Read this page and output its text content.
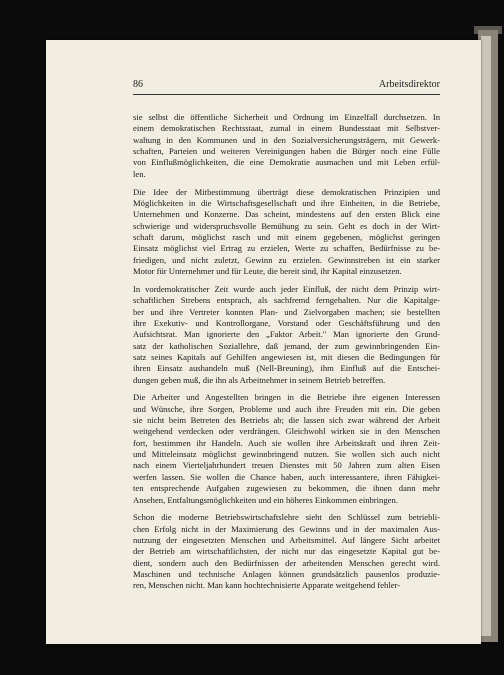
86	Arbeitsdirektor
sie selbst die öffentliche Sicherheit und Ordnung im Einzelfall durchsetzen. In
einem demokratischen Rechtsstaat, zumal in einem Bundesstaat mit Selbstver-
waltung in den Kommunen und in den Sozialversicherungsträgern, mit Gewerk-
schaften, Parteien und weiteren Vereinigungen haben die Bürger noch eine Fülle
von Einflußmöglichkeiten, die eine Demokratie ausmachen und mit Leben erfül-
len.
Die Idee der Mitbestimmung überträgt diese demokratischen Prinzipien und
Möglichkeiten in die Wirtschaftsgesellschaft und ihre Einheiten, in die Betriebe,
Unternehmen und Konzerne. Das scheint, mindestens auf den ersten Blick eine
schwierige und widerspruchsvolle Bemühung zu sein. Geht es doch in der Wirt-
schaft darum, möglichst rasch und mit einem gegebenen, möglichst geringen
Einsatz möglichst viel Ertrag zu erzielen, Werte zu schaffen, Bedürfnisse zu be-
friedigen, und nicht zuletzt, Gewinn zu erzielen. Gewinnstreben ist ein starker
Motor für Unternehmer und für Leute, die bereit sind, ihr Kapital einzusetzen.
In vordemokratischer Zeit wurde auch jeder Einfluß, der nicht dem Prinzip wirt-
schaftlichen Strebens entsprach, als sachfremd ferngehalten. Nur die Kapitalge-
ber und ihre Vertreter konnten Plan- und Zielvorgaben machen; sie bestellten
ihre Exekutiv- und Kontrollorgane, Vorstand oder Geschäftsführung und den
Aufsichtsrat. Man ignorierte den „Faktor Arbeit." Man ignorierte den Grund-
satz der katholischen Soziallehre, daß jemand, der zum gewinnbringenden Ein-
satz seines Kapitals auf Gehilfen angewiesen ist, mit diesen die Bedingungen für
ihren Einsatz aushandeln muß (Nell-Breuning), ihm Einfluß auf die Entschei-
dungen geben muß, die ihn als Arbeitnehmer in seinem Betrieb betreffen.
Die Arbeiter und Angestellten bringen in die Betriebe ihre eigenen Interessen
und Wünsche, ihre Sorgen, Probleme und auch ihre Freuden mit ein. Die geben
sie nicht beim Betreten des Betriebs ab; die lassen sich zwar während der Arbeit
weitgehend verdecken oder verdrängen. Gleichwohl wirken sie in den Menschen
fort, bestimmen ihr Handeln. Auch sie wollen ihre Arbeitskraft und ihren Zeit-
und Mitteleinsatz möglichst gewinnbringend nutzen. Sie wollen sich auch nicht
nach einem Vierteljahrhundert treuen Dienstes mit 50 Jahren zum alten Eisen
werfen lassen. Sie wollen die Chance haben, auch interessantere, ihren Fähigkei-
ten entsprechende Aufgaben zugewiesen zu bekommen, die ihnen dann mehr
Ansehen, Entfaltungsmöglichkeiten und ein höheres Einkommen einbringen.
Schon die moderne Betriebswirtschaftslehre sieht den Schlüssel zum betriebli-
chen Erfolg nicht in der Maximierung des Gewinns und in der maximalen Aus-
nutzung der eingesetzten Menschen und Arbeitsmittel. Auf längere Sicht arbeitet
der Betrieb am wirtschaftlichsten, der nicht nur das eingesetzte Kapital gut be-
dient, sondern auch den Bedürfnissen der arbeitenden Menschen gerecht wird.
Maschinen und technische Anlagen können grundsätzlich pausenlos produzie-
ren, Menschen nicht. Man kann hochtechnisierte Apparate weitgehend fehler-
